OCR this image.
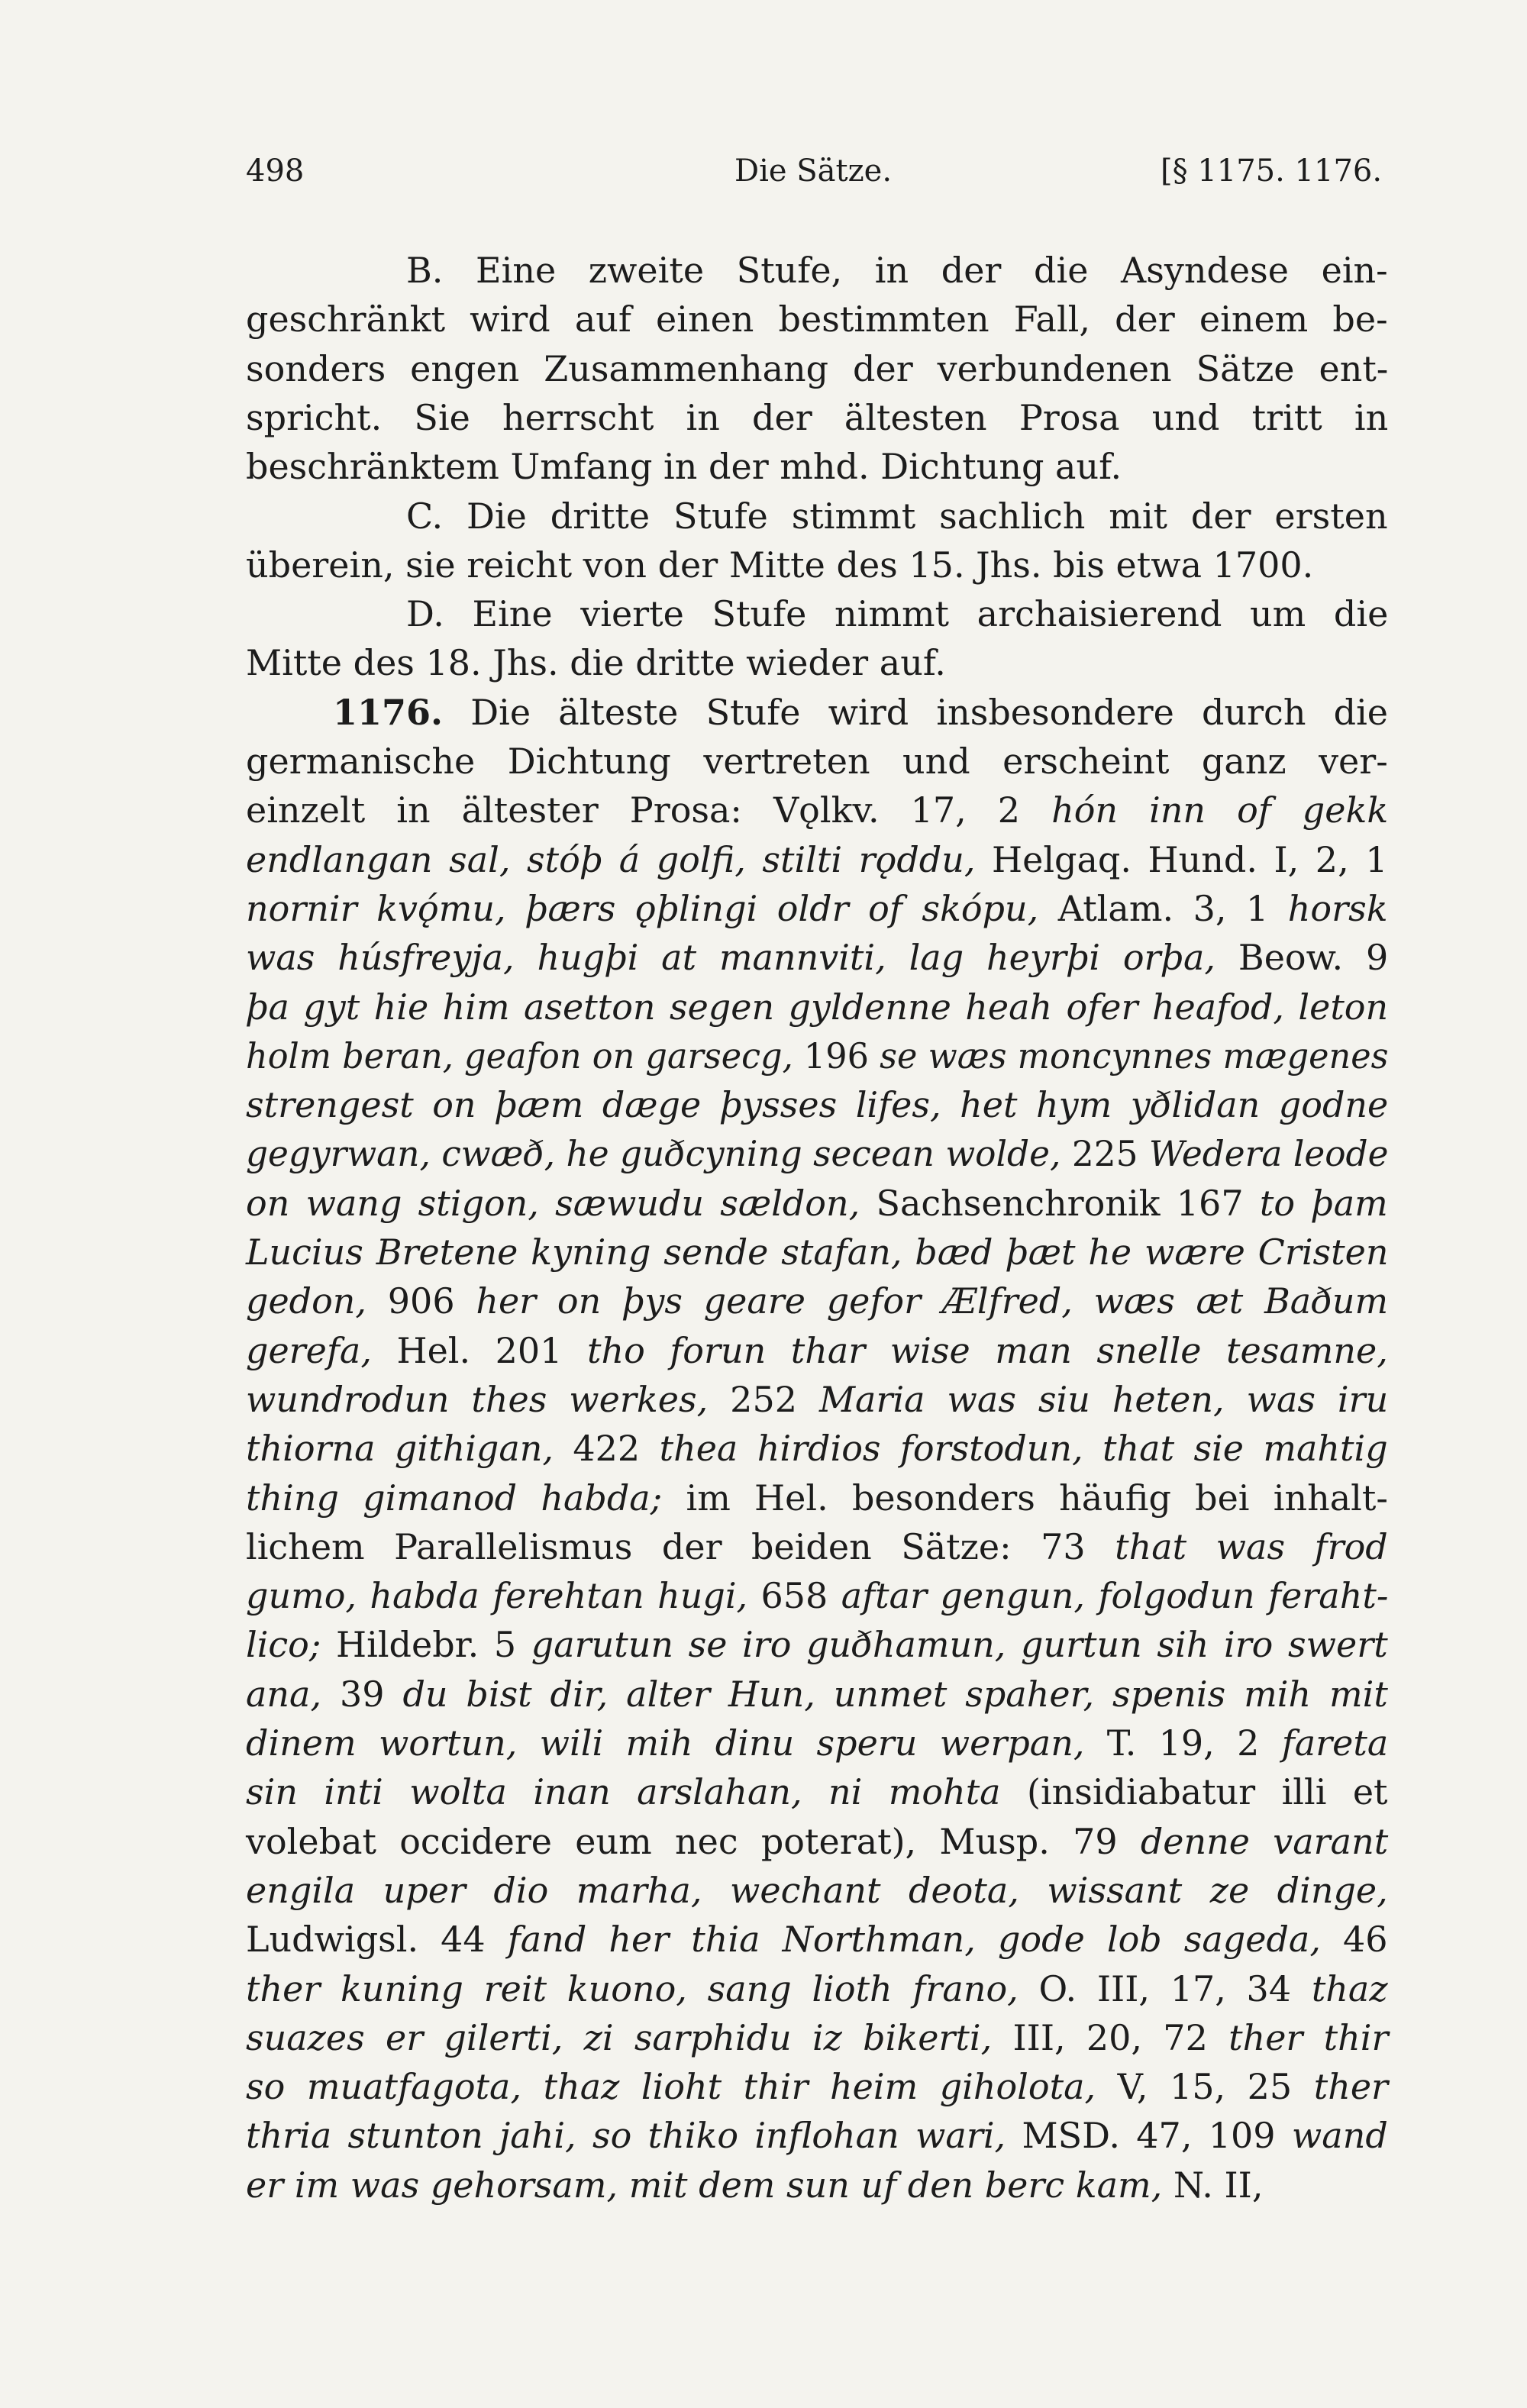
498	Die Sätze.	[§ 1175. 1176.
B. Eine zweite Stufe, in der die Asyndese ein-
geschränkt wird auf einen bestimmten Fall, der einem be-
sonders engen Zusammenhang der verbundenen Sätze ent-
spricht. Sie herrscht in der ältesten Prosa und tritt in
beschränktem Umfang in der mhd. Dichtung auf.
C. Die dritte Stufe stimmt sachlich mit der ersten
überein, sie reicht von der Mitte des 15. Jhs. bis etwa 1700.
D. Eine vierte Stufe nimmt archaisierend um die
Mitte des 18. Jhs. die dritte wieder auf.
1176. Die älteste Stufe wird insbesondere durch die
germanische Dichtung vertreten und erscheint ganz ver-
einzelt in ältester Prosa: Vǫlkv. 17, 2 hón inn of gekk
endlangan sal, stóþ á golfi, stilti rǫddu, Helgaq. Hund. I, 2, 1
nornir kvǫ́mu, þærs ǫþlingi oldr of skópu, Atlam. 3, 1 horsk
was húsfreyja, hugþi at mannviti, lag heyrþi orþa, Beow. 9
þa gyt hie him asetton segen gyldenne heah ofer heafod, leton
holm beran, geafon on garsecg, 196 se wæs moncynnes mægenes
strengest on þæm dæge þysses lifes, het hym yðlidan godne
gegyrwan, cwæð, he guðcyning secean wolde, 225 Wedera leode
on wang stigon, sæwudu sældon, Sachsenchronik 167 to þam
Lucius Bretene kyning sende stafan, bæd þæt he wære Cristen
gedon, 906 her on þys geare gefor Ælfred, wæs æt Baðum
gerefa, Hel. 201 tho forun thar wise man snelle tesamne,
wundrodun thes werkes, 252 Maria was siu heten, was iru
thiorna githigan, 422 thea hirdios forstodun, that sie mahtig
thing gimanod habda; im Hel. besonders häufig bei inhalt-
lichem Parallelismus der beiden Sätze: 73 that was frod
gumo, habda ferehtan hugi, 658 aftar gengun, folgodun feraht-
lico; Hildebr. 5 garutun se iro guðhamun, gurtun sih iro swert
ana, 39 du bist dir, alter Hun, unmet spaher, spenis mih mit
dinem wortun, wili mih dinu speru werpan, T. 19, 2 fareta
sin inti wolta inan arslahan, ni mohta (insidiabatur illi et
volebat occidere eum nec poterat), Musp. 79 denne varant
engila uper dio marha, wechant deota, wissant ze dinge,
Ludwigsl. 44 fand her thia Northman, gode lob sageda, 46
ther kuning reit kuono, sang lioth frano, O. III, 17, 34 thaz
suazes er gilerti, zi sarphidu iz bikerti, III, 20, 72 ther thir
so muatfagota, thaz lioht thir heim giholota, V, 15, 25 ther
thria stunton jahi, so thiko inflohan wari, MSD. 47, 109 wand
er im was gehorsam, mit dem sun uf den berc kam, N. II,
